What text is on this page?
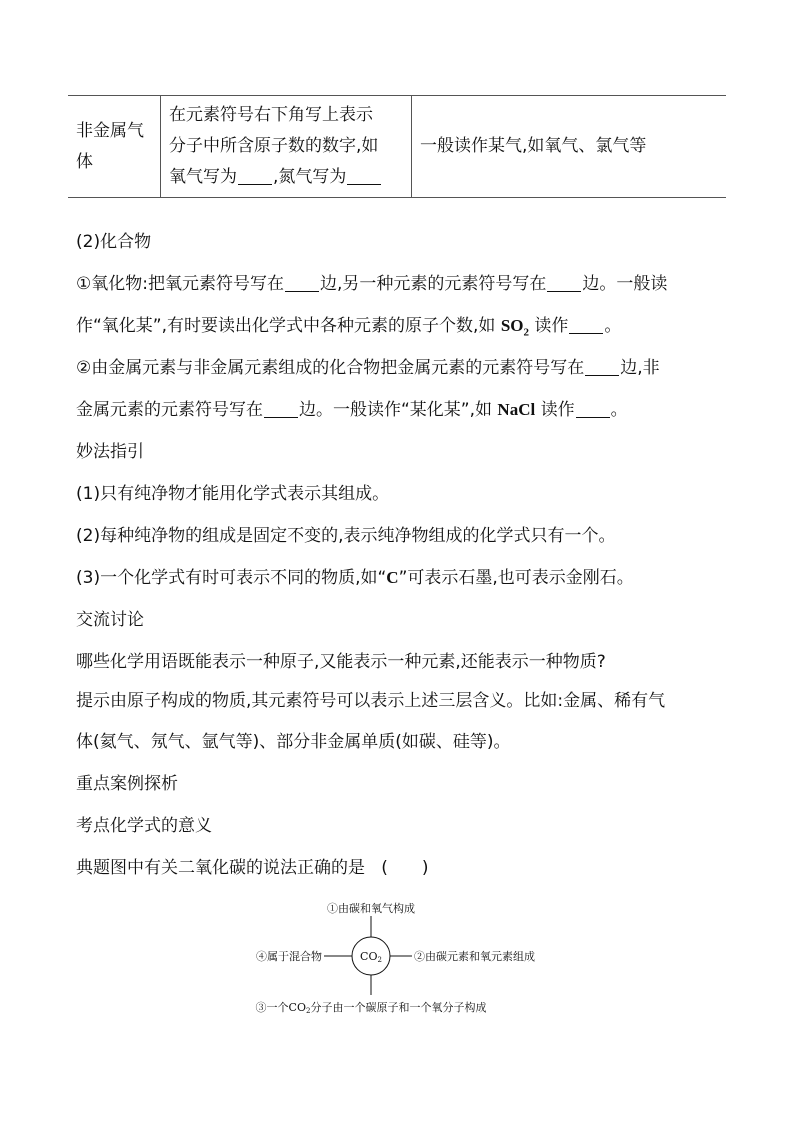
非金属气
体	在元素符号右下角写上表示
分子中所含原子数的数字,如
氧气写为 ,氮气写为	一般读作某气,如氧气、氯气等
(2)化合物
①氧化物:把氧元素符号写在 边,另一种元素的元素符号写在 边。一般读
作“氧化某”,有时要读出化学式中各种元素的原子个数,如 $SO_2$ 读作 。
②由金属元素与非金属元素组成的化合物把金属元素的元素符号写在 边,非
金属元素的元素符号写在 边。一般读作“某化某”,如 NaCl 读作 。
妙法指引
(1)只有纯净物才能用化学式表示其组成。
(2)每种纯净物的组成是固定不变的,表示纯净物组成的化学式只有一个。
(3)一个化学式有时可表示不同的物质,如“C”可表示石墨,也可表示金刚石。
交流讨论
哪些化学用语既能表示一种原子,又能表示一种元素,还能表示一种物质?
提示由原子构成的物质,其元素符号可以表示上述三层含义。比如:金属、稀有气
体(氦气、氖气、氩气等)、部分非金属单质(如碳、硅等)。
重点案例探析
考点化学式的意义
典题图中有关二氧化碳的说法正确的是 (　　)
CO2
①由碳和氧气构成
②由碳元素和氧元素组成
③一个CO2分子由一个碳原子和一个氧分子构成
④属于混合物
